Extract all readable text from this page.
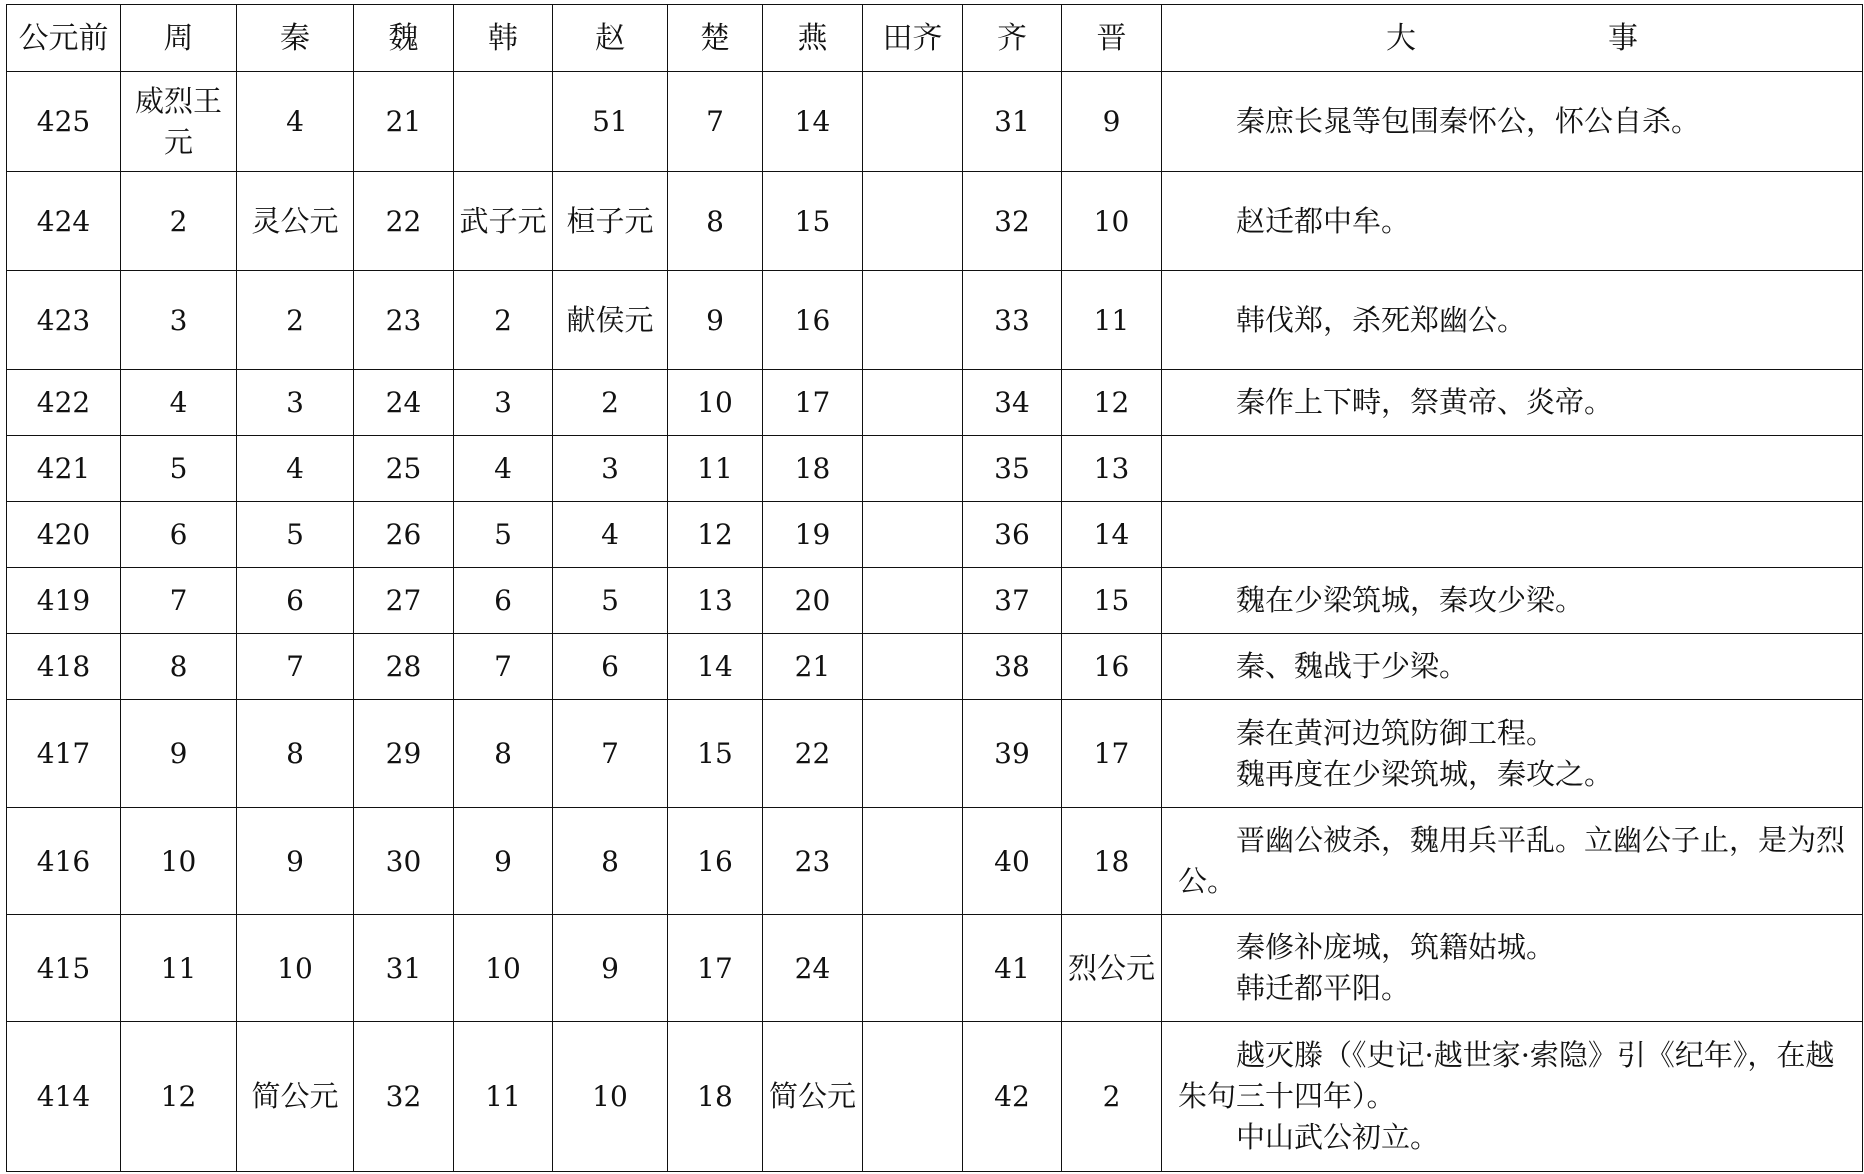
公元前	周	秦	魏	韩	赵	楚	燕	田齐	齐	晋	大事
425	威烈王元	4	21		51	7	14		31	9	秦庶长晁等包围秦怀公，怀公自杀。

424	2	灵公元	22	武子元	桓子元	8	15		32	10	赵迁都中牟。

423	3	2	23	2	献侯元	9	16		33	11	韩伐郑，杀死郑幽公。

422	4	3	24	3	2	10	17		34	12	秦作上下畤，祭黄帝、炎帝。

421	5	4	25	4	3	11	18		35	13	
420	6	5	26	5	4	12	19		36	14	
419	7	6	27	6	5	13	20		37	15	魏在少梁筑城，秦攻少梁。

418	8	7	28	7	6	14	21		38	16	秦、魏战于少梁。

417	9	8	29	8	7	15	22		39	17	秦在黄河边筑防御工程。
魏再度在少梁筑城，秦攻之。

416	10	9	30	9	8	16	23		40	18	晋幽公被杀，魏用兵平乱。立幽公子止，是为烈公。

415	11	10	31	10	9	17	24		41	烈公元	秦修补庞城，筑籍姑城。
韩迁都平阳。

414	12	简公元	32	11	10	18	简公元		42	2	越灭滕（《史记·越世家·索隐》引《纪年》，在越朱句三十四年）。
中山武公初立。
